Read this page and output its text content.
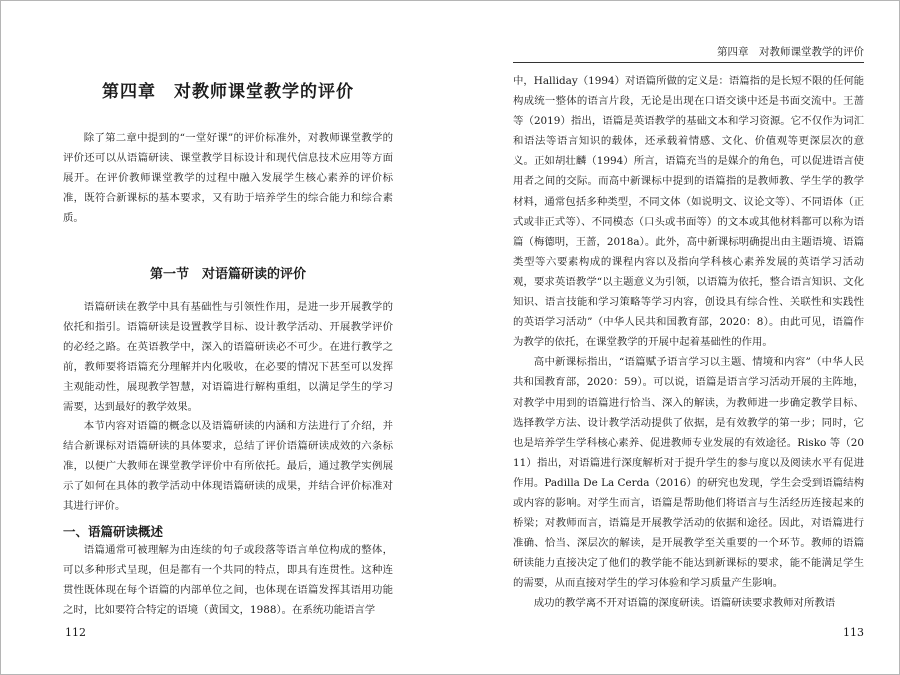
第四章　对教师课堂教学的评价

除了第二章中提到的“一堂好课”的评价标准外，对教师课堂教学的评价还可以从语篇研读、课堂教学目标设计和现代信息技术应用等方面展开。在评价教师课堂教学的过程中融入发展学生核心素养的评价标准，既符合新课标的基本要求，又有助于培养学生的综合能力和综合素质。

第一节　对语篇研读的评价

语篇研读在教学中具有基础性与引领性作用，是进一步开展教学的依托和指引。语篇研读是设置教学目标、设计教学活动、开展教学评价的必经之路。在英语教学中，深入的语篇研读必不可少。在进行教学之前，教师要将语篇充分理解并内化吸收，在必要的情况下甚至可以发挥主观能动性，展现教学智慧，对语篇进行解构重组，以满足学生的学习需要，达到最好的教学效果。

本节内容对语篇的概念以及语篇研读的内涵和方法进行了介绍，并结合新课标对语篇研读的具体要求，总结了评价语篇研读成效的六条标准，以便广大教师在课堂教学评价中有所依托。最后，通过教学实例展示了如何在具体的教学活动中体现语篇研读的成果，并结合评价标准对其进行评价。

一、语篇研读概述

语篇通常可被理解为由连续的句子或段落等语言单位构成的整体，可以多种形式呈现，但是都有一个共同的特点，即具有连贯性。这种连贯性既体现在每个语篇的内部单位之间，也体现在语篇发挥其语用功能之时，比如要符合特定的语境（黄国文，1988）。在系统功能语言学

112
第四章　对教师课堂教学的评价

中，Halliday（1994）对语篇所做的定义是：语篇指的是长短不限的任何能构成统一整体的语言片段，无论是出现在口语交谈中还是书面交流中。王蔷等（2019）指出，语篇是英语教学的基础文本和学习资源。它不仅作为词汇和语法等语言知识的载体，还承载着情感、文化、价值观等更深层次的意义。正如胡壮麟（1994）所言，语篇充当的是媒介的角色，可以促进语言使用者之间的交际。而高中新课标中提到的语篇指的是教师教、学生学的教学材料，通常包括多种类型，不同文体（如说明文、议论文等）、不同语体（正式或非正式等）、不同模态（口头或书面等）的文本或其他材料都可以称为语篇（梅德明，王蔷，2018a）。此外，高中新课标明确提出由主题语境、语篇类型等六要素构成的课程内容以及指向学科核心素养发展的英语学习活动观，要求英语教学“以主题意义为引领，以语篇为依托，整合语言知识、文化知识、语言技能和学习策略等学习内容，创设具有综合性、关联性和实践性的英语学习活动”（中华人民共和国教育部，2020：8）。由此可见，语篇作为教学的依托，在课堂教学的开展中起着基础性的作用。

高中新课标指出，“语篇赋予语言学习以主题、情境和内容”（中华人民共和国教育部，2020：59）。可以说，语篇是语言学习活动开展的主阵地，对教学中用到的语篇进行恰当、深入的解读，为教师进一步确定教学目标、选择教学方法、设计教学活动提供了依据，是有效教学的第一步；同时，它也是培养学生学科核心素养、促进教师专业发展的有效途径。Risko 等（2011）指出，对语篇进行深度解析对于提升学生的参与度以及阅读水平有促进作用。Padilla De La Cerda（2016）的研究也发现，学生会受到语篇结构或内容的影响。对学生而言，语篇是帮助他们将语言与生活经历连接起来的桥梁；对教师而言，语篇是开展教学活动的依据和途径。因此，对语篇进行准确、恰当、深层次的解读，是开展教学至关重要的一个环节。教师的语篇研读能力直接决定了他们的教学能不能达到新课标的要求，能不能满足学生的需要，从而直接对学生的学习体验和学习质量产生影响。

成功的教学离不开对语篇的深度研读。语篇研读要求教师对所教语

113
